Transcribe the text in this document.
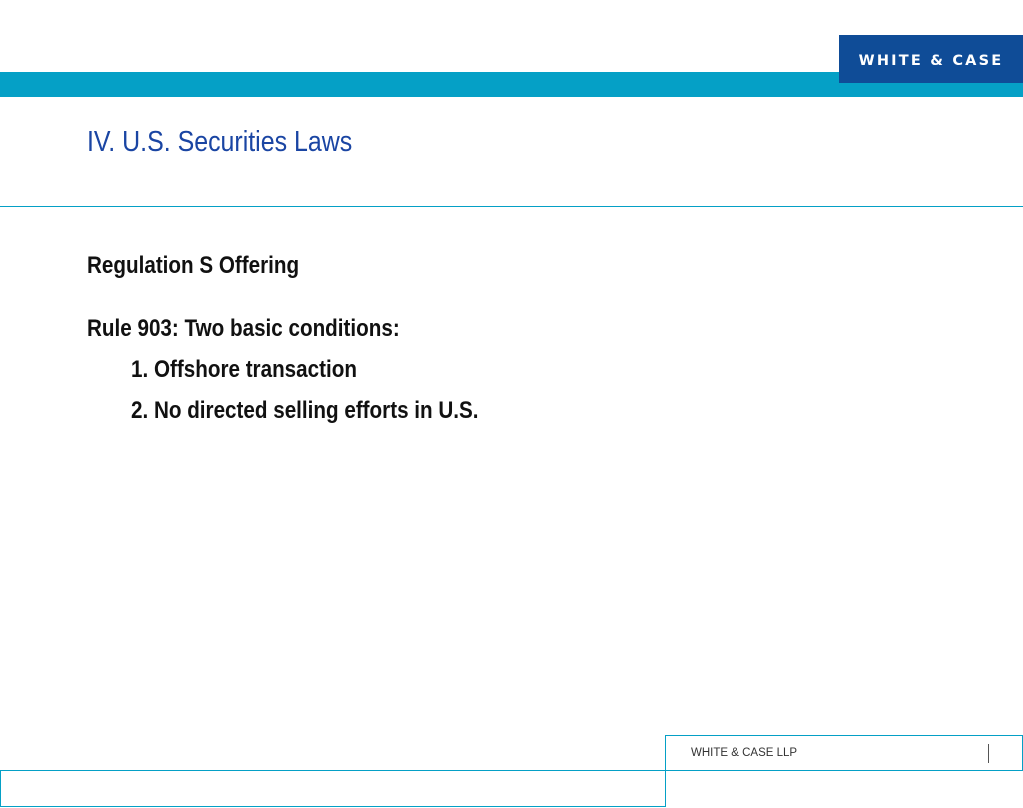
WHITE & CASE
IV. U.S. Securities Laws

Regulation S Offering

Rule 903: Two basic conditions:

1. Offshore transaction

2. No directed selling efforts in U.S.

WHITE & CASE LLP
